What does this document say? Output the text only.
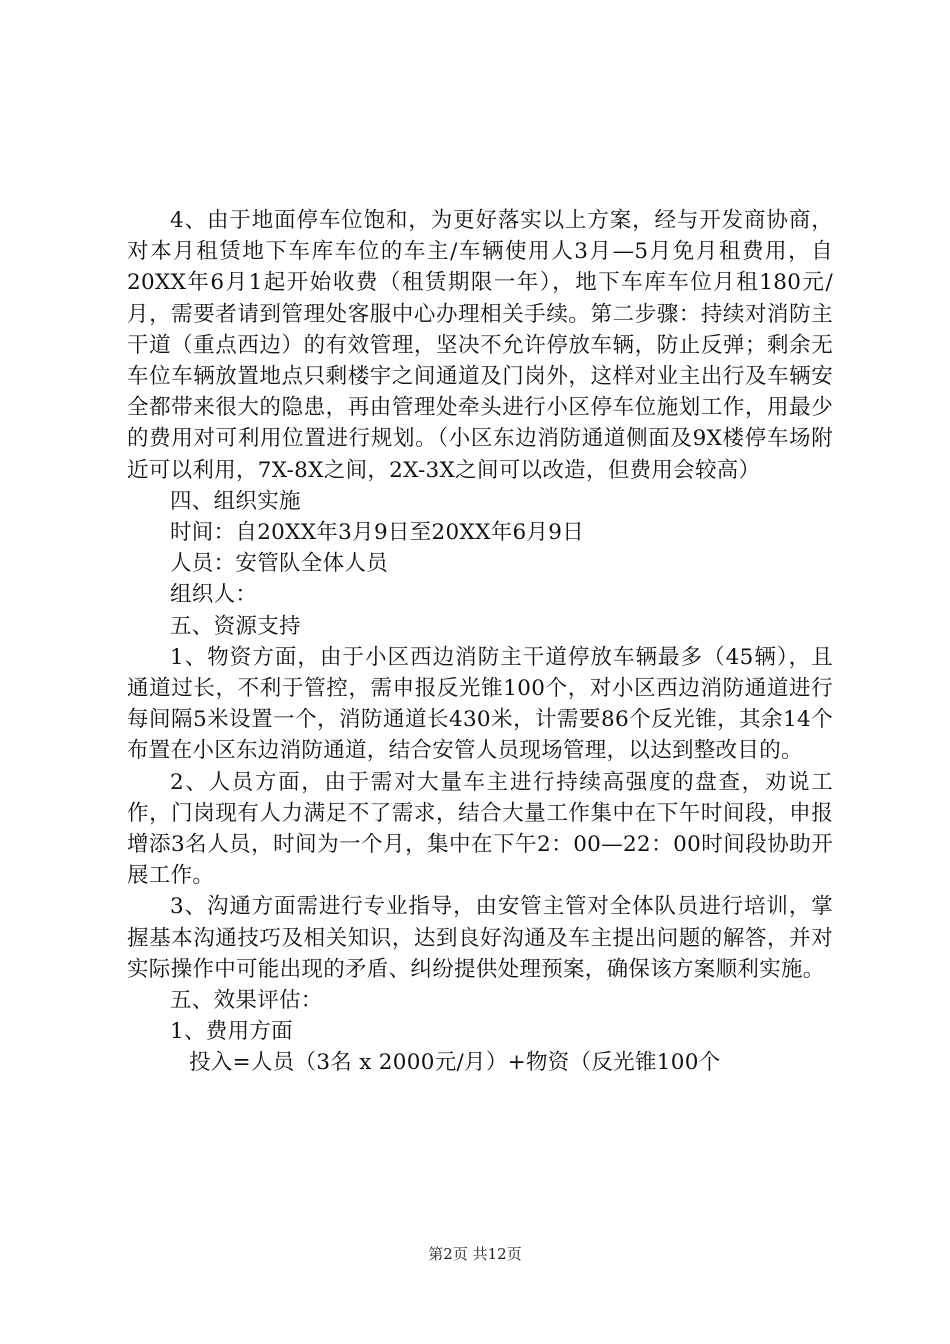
4、由于地面停车位饱和，为更好落实以上方案，经与开发商协商，对本月租赁地下车库车位的车主/车辆使用人3月—5月免月租费用，自20XX年6月1起开始收费（租赁期限一年），地下车库车位月租180元/月，需要者请到管理处客服中心办理相关手续。第二步骤：持续对消防主干道（重点西边）的有效管理，坚决不允许停放车辆，防止反弹；剩余无车位车辆放置地点只剩楼宇之间通道及门岗外，这样对业主出行及车辆安全都带来很大的隐患，再由管理处牵头进行小区停车位施划工作，用最少的费用对可利用位置进行规划。（小区东边消防通道侧面及9X楼停车场附近可以利用，7X-8X之间，2X-3X之间可以改造，但费用会较高）

四、组织实施

时间：自20XX年3月9日至20XX年6月9日

人员：安管队全体人员

组织人：

五、资源支持

1、物资方面，由于小区西边消防主干道停放车辆最多（45辆），且通道过长，不利于管控，需申报反光锥100个，对小区西边消防通道进行每间隔5米设置一个，消防通道长430米，计需要86个反光锥，其余14个布置在小区东边消防通道，结合安管人员现场管理，以达到整改目的。

2、人员方面，由于需对大量车主进行持续高强度的盘查，劝说工作，门岗现有人力满足不了需求，结合大量工作集中在下午时间段，申报增添3名人员，时间为一个月，集中在下午2：00—22：00时间段协助开展工作。

3、沟通方面需进行专业指导，由安管主管对全体队员进行培训，掌握基本沟通技巧及相关知识，达到良好沟通及车主提出问题的解答，并对实际操作中可能出现的矛盾、纠纷提供处理预案，确保该方案顺利实施。

五、效果评估：

1、费用方面

投入=人员（3名 x 2000元/月）+物资（反光锥100个

第2页 共12页
